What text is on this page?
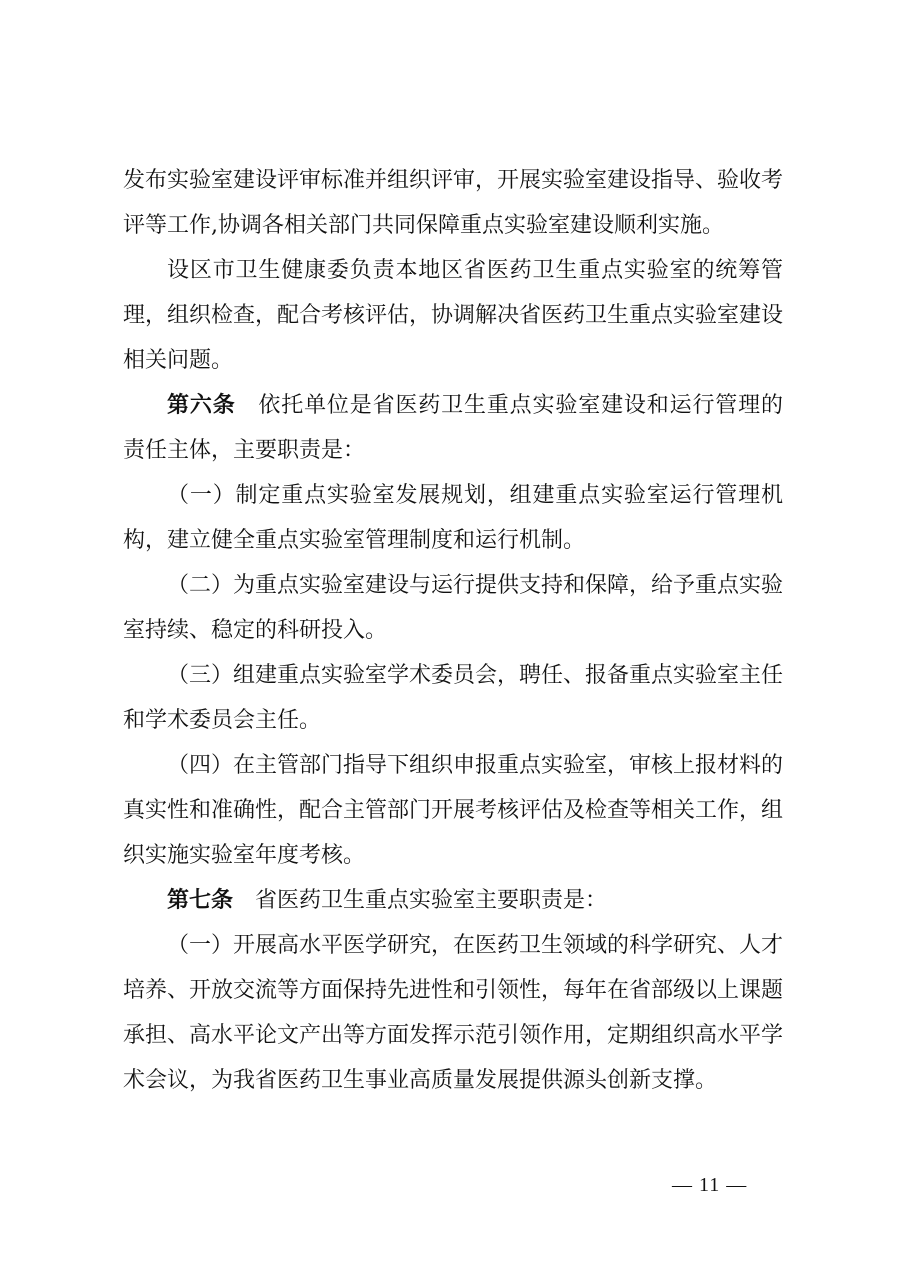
发布实验室建设评审标准并组织评审，开展实验室建设指导、验收考评等工作,协调各相关部门共同保障重点实验室建设顺利实施。

设区市卫生健康委负责本地区省医药卫生重点实验室的统筹管理，组织检查，配合考核评估，协调解决省医药卫生重点实验室建设相关问题。

第六条　依托单位是省医药卫生重点实验室建设和运行管理的责任主体，主要职责是：

（一）制定重点实验室发展规划，组建重点实验室运行管理机构，建立健全重点实验室管理制度和运行机制。

（二）为重点实验室建设与运行提供支持和保障，给予重点实验室持续、稳定的科研投入。

（三）组建重点实验室学术委员会，聘任、报备重点实验室主任和学术委员会主任。

（四）在主管部门指导下组织申报重点实验室，审核上报材料的真实性和准确性，配合主管部门开展考核评估及检查等相关工作，组织实施实验室年度考核。

第七条　省医药卫生重点实验室主要职责是：

（一）开展高水平医学研究，在医药卫生领域的科学研究、人才培养、开放交流等方面保持先进性和引领性，每年在省部级以上课题承担、高水平论文产出等方面发挥示范引领作用，定期组织高水平学术会议，为我省医药卫生事业高质量发展提供源头创新支撑。

— 11 —
